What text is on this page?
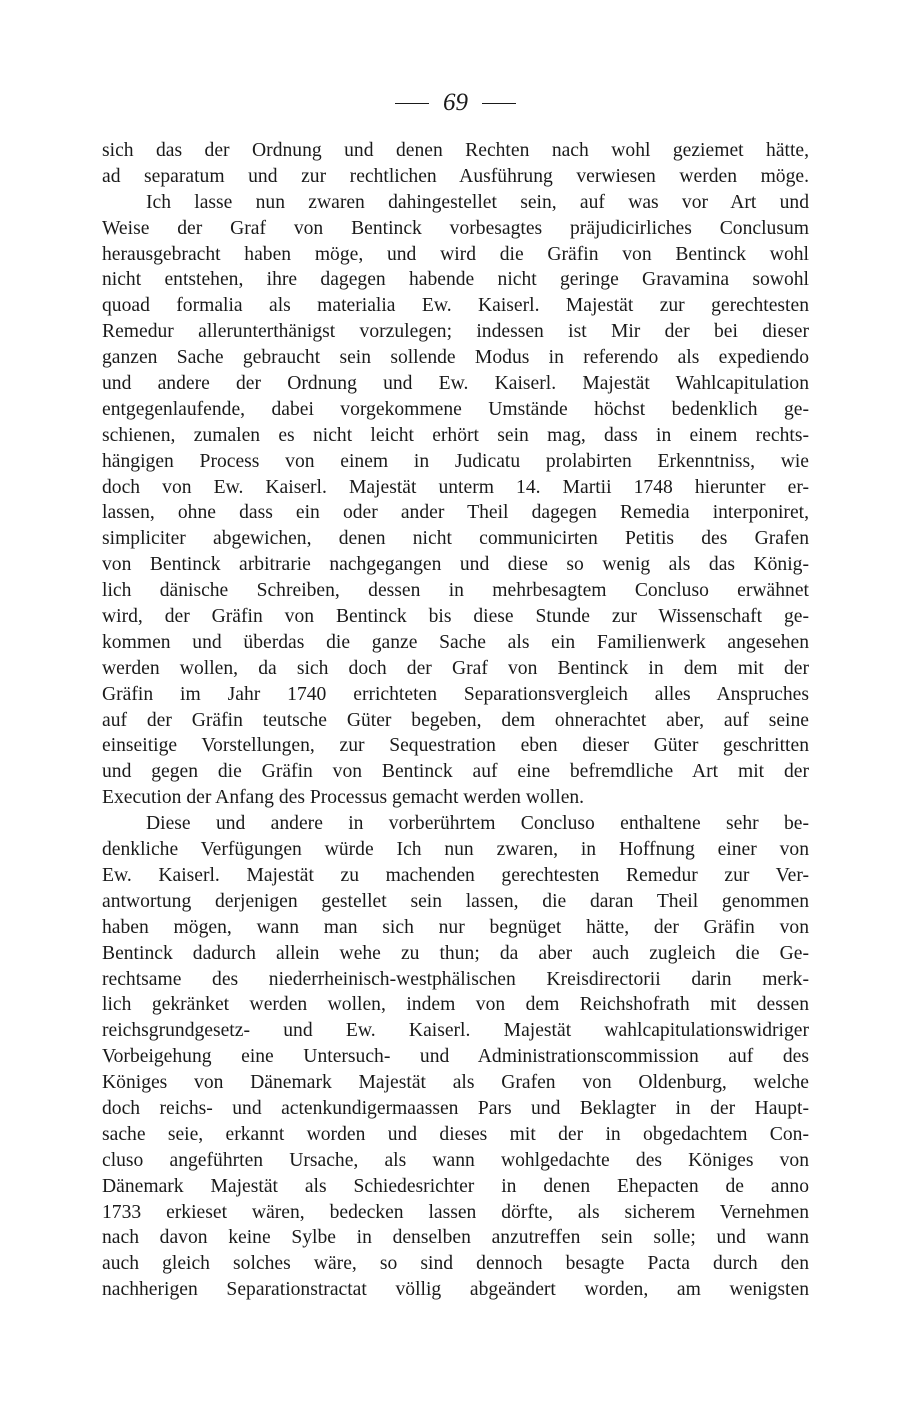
69
sich das der Ordnung und denen Rechten nach wohl geziemet hätte,
ad separatum und zur rechtlichen Ausführung verwiesen werden möge.
Ich lasse nun zwaren dahingestellet sein, auf was vor Art und
Weise der Graf von Bentinck vorbesagtes präjudicirliches Conclusum
herausgebracht haben möge, und wird die Gräfin von Bentinck wohl
nicht entstehen, ihre dagegen habende nicht geringe Gravamina sowohl
quoad formalia als materialia Ew. Kaiserl. Majestät zur gerechtesten
Remedur allerunterthänigst vorzulegen; indessen ist Mir der bei dieser
ganzen Sache gebraucht sein sollende Modus in referendo als expediendo
und andere der Ordnung und Ew. Kaiserl. Majestät Wahlcapitulation
entgegenlaufende, dabei vorgekommene Umstände höchst bedenklich ge-
schienen, zumalen es nicht leicht erhört sein mag, dass in einem rechts-
hängigen Process von einem in Judicatu prolabirten Erkenntniss, wie
doch von Ew. Kaiserl. Majestät unterm 14. Martii 1748 hierunter er-
lassen, ohne dass ein oder ander Theil dagegen Remedia interponiret,
simpliciter abgewichen, denen nicht communicirten Petitis des Grafen
von Bentinck arbitrarie nachgegangen und diese so wenig als das König-
lich dänische Schreiben, dessen in mehrbesagtem Concluso erwähnet
wird, der Gräfin von Bentinck bis diese Stunde zur Wissenschaft ge-
kommen und überdas die ganze Sache als ein Familienwerk angesehen
werden wollen, da sich doch der Graf von Bentinck in dem mit der
Gräfin im Jahr 1740 errichteten Separationsvergleich alles Anspruches
auf der Gräfin teutsche Güter begeben, dem ohnerachtet aber, auf seine
einseitige Vorstellungen, zur Sequestration eben dieser Güter geschritten
und gegen die Gräfin von Bentinck auf eine befremdliche Art mit der
Execution der Anfang des Processus gemacht werden wollen.
Diese und andere in vorberührtem Concluso enthaltene sehr be-
denkliche Verfügungen würde Ich nun zwaren, in Hoffnung einer von
Ew. Kaiserl. Majestät zu machenden gerechtesten Remedur zur Ver-
antwortung derjenigen gestellet sein lassen, die daran Theil genommen
haben mögen, wann man sich nur begnüget hätte, der Gräfin von
Bentinck dadurch allein wehe zu thun; da aber auch zugleich die Ge-
rechtsame des niederrheinisch-westphälischen Kreisdirectorii darin merk-
lich gekränket werden wollen, indem von dem Reichshofrath mit dessen
reichsgrundgesetz- und Ew. Kaiserl. Majestät wahlcapitulationswidriger
Vorbeigehung eine Untersuch- und Administrationscommission auf des
Königes von Dänemark Majestät als Grafen von Oldenburg, welche
doch reichs- und actenkundigermaassen Pars und Beklagter in der Haupt-
sache seie, erkannt worden und dieses mit der in obgedachtem Con-
cluso angeführten Ursache, als wann wohlgedachte des Königes von
Dänemark Majestät als Schiedesrichter in denen Ehepacten de anno
1733 erkieset wären, bedecken lassen dörfte, als sicherem Vernehmen
nach davon keine Sylbe in denselben anzutreffen sein solle; und wann
auch gleich solches wäre, so sind dennoch besagte Pacta durch den
nachherigen Separationstractat völlig abgeändert worden, am wenigsten
